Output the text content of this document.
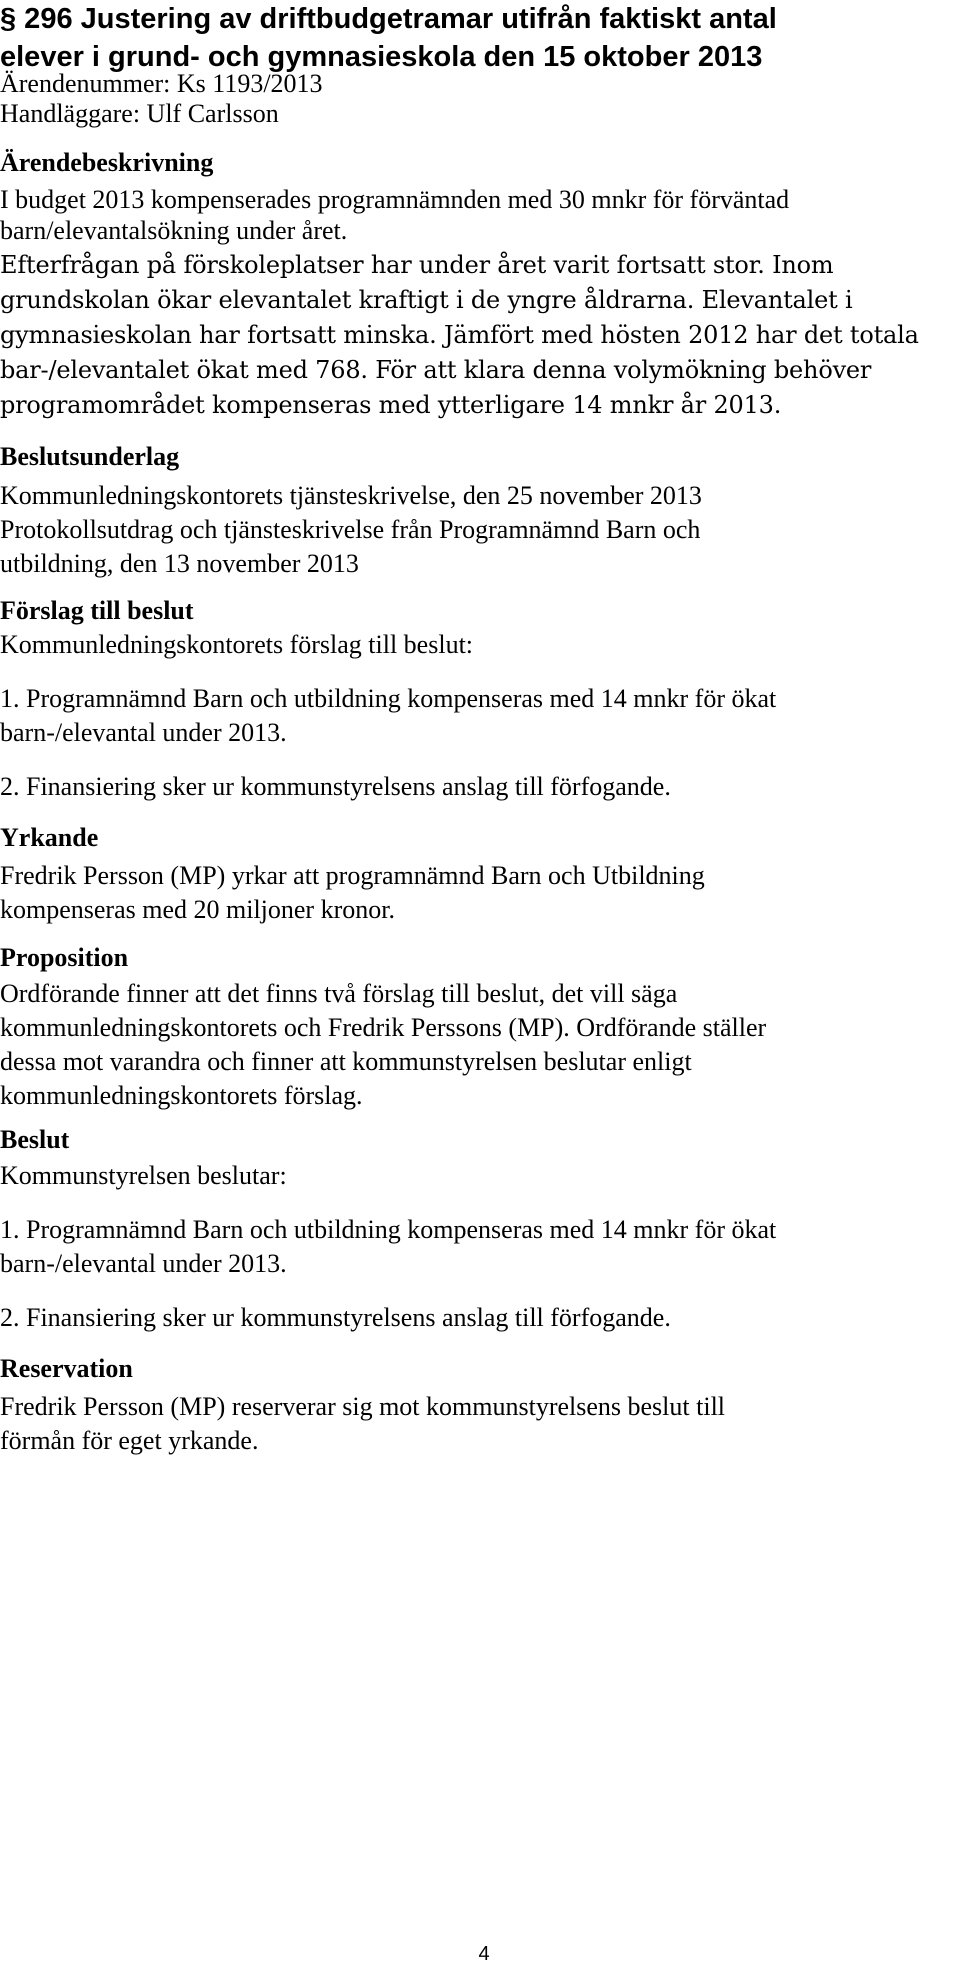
§ 296 Justering av driftbudgetramar utifrån faktiskt antal
elever i grund- och gymnasieskola den 15 oktober 2013
Ärendenummer: Ks 1193/2013
Handläggare: Ulf Carlsson
Ärendebeskrivning
I budget 2013 kompenserades programnämnden med 30 mnkr för förväntad
barn/elevantalsökning under året.
Efterfrågan på förskoleplatser har under året varit fortsatt stor. Inom
grundskolan ökar elevantalet kraftigt i de yngre åldrarna. Elevantalet i
gymnasieskolan har fortsatt minska. Jämfört med hösten 2012 har det totala
bar-/elevantalet ökat med 768. För att klara denna volymökning behöver
programområdet kompenseras med ytterligare 14 mnkr år 2013.
Beslutsunderlag
Kommunledningskontorets tjänsteskrivelse, den 25 november 2013
Protokollsutdrag och tjänsteskrivelse från Programnämnd Barn och
utbildning, den 13 november 2013
Förslag till beslut
Kommunledningskontorets förslag till beslut:
1. Programnämnd Barn och utbildning kompenseras med 14 mnkr för ökat
barn-/elevantal under 2013.
2. Finansiering sker ur kommunstyrelsens anslag till förfogande.
Yrkande
Fredrik Persson (MP) yrkar att programnämnd Barn och Utbildning
kompenseras med 20 miljoner kronor.
Proposition
Ordförande finner att det finns två förslag till beslut, det vill säga
kommunledningskontorets och Fredrik Perssons (MP). Ordförande ställer
dessa mot varandra och finner att kommunstyrelsen beslutar enligt
kommunledningskontorets förslag.
Beslut
Kommunstyrelsen beslutar:
1. Programnämnd Barn och utbildning kompenseras med 14 mnkr för ökat
barn-/elevantal under 2013.
2. Finansiering sker ur kommunstyrelsens anslag till förfogande.
Reservation
Fredrik Persson (MP) reserverar sig mot kommunstyrelsens beslut till
förmån för eget yrkande.
4
